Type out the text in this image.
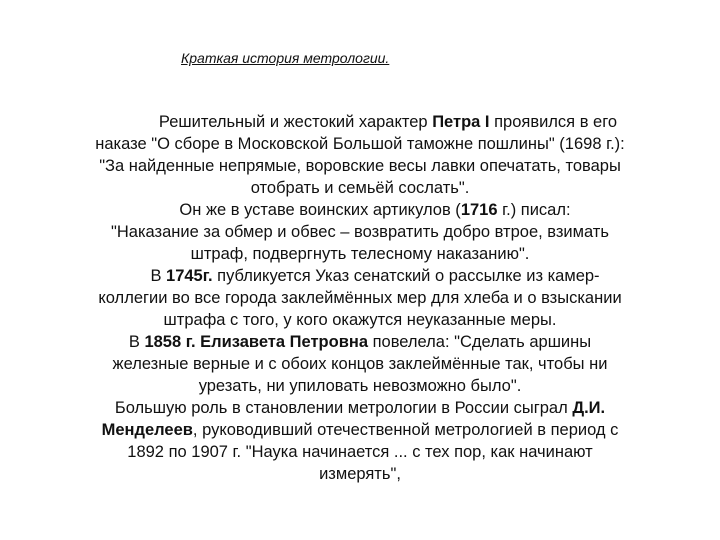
Краткая история метрологии.
Решительный и жестокий характер Петра I проявился в его
наказе "О сборе в Московской Большой таможне пошлины" (1698 г.):
"За найденные непрямые, воровские весы лавки опечатать, товары
отобрать и семьёй сослать".
Он же в уставе воинских артикулов (1716 г.) писал:
"Наказание за обмер и обвес – возвратить добро втрое, взимать
штраф, подвергнуть телесному наказанию".
В 1745г. публикуется Указ сенатский о рассылке из камер-
коллегии во все города заклеймённых мер для хлеба и о взыскании
штрафа с того, у кого окажутся неуказанные меры.
В 1858 г. Елизавета Петровна повелела: "Сделать аршины
железные верные и с обоих концов заклеймённые так, чтобы ни
урезать, ни упиловать невозможно было".
Большую роль в становлении метрологии в России сыграл Д.И.
Менделеев, руководивший отечественной метрологией в период с
1892 по 1907 г. "Наука начинается ... с тех пор, как начинают
измерять",
